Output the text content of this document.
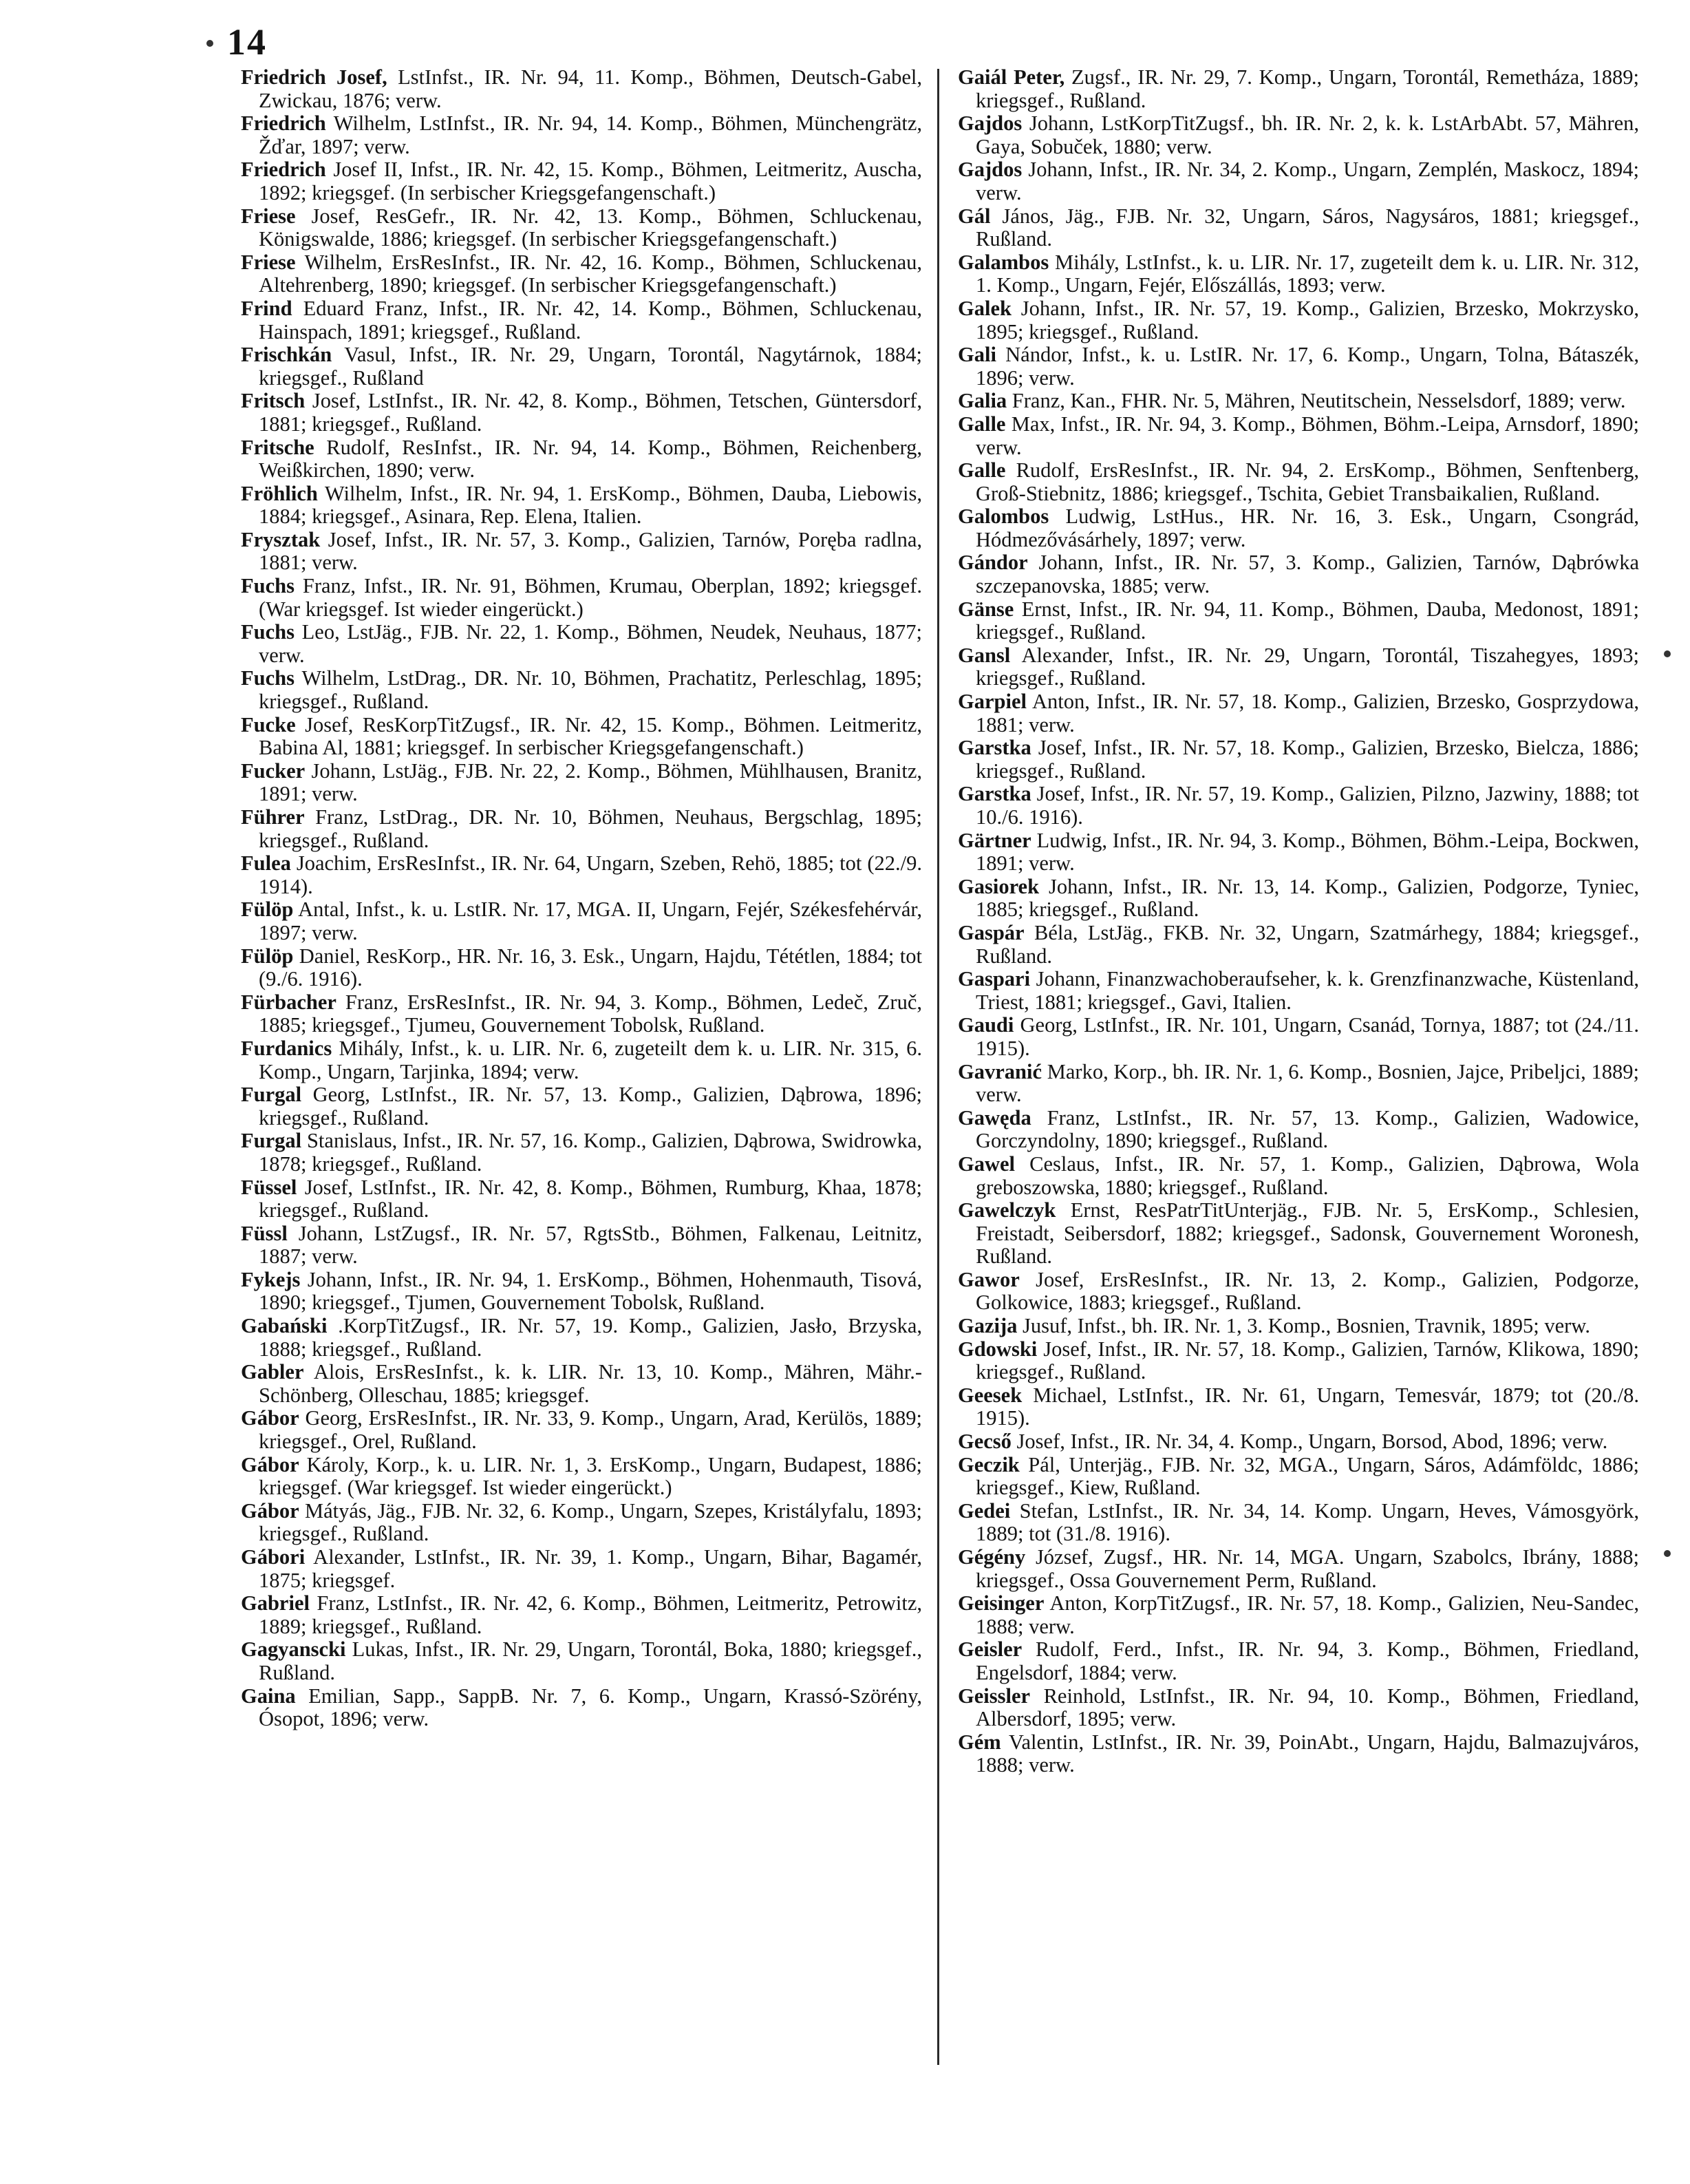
14

Friedrich Josef, LstInfst., IR. Nr. 94, 11. Komp., Böhmen, Deutsch-Gabel, Zwickau, 1876; verw.

Friedrich Wilhelm, LstInfst., IR. Nr. 94, 14. Komp., Böhmen, Münchengrätz, Žďar, 1897; verw.

Friedrich Josef II, Infst., IR. Nr. 42, 15. Komp., Böhmen, Leitmeritz, Auscha, 1892; kriegsgef. (In serbischer Kriegsgefangenschaft.)

Friese Josef, ResGefr., IR. Nr. 42, 13. Komp., Böhmen, Schluckenau, Königswalde, 1886; kriegsgef. (In serbischer Kriegsgefangenschaft.)

Friese Wilhelm, ErsResInfst., IR. Nr. 42, 16. Komp., Böhmen, Schluckenau, Altehrenberg, 1890; kriegsgef. (In serbischer Kriegsgefangenschaft.)

Frind Eduard Franz, Infst., IR. Nr. 42, 14. Komp., Böhmen, Schluckenau, Hainspach, 1891; kriegsgef., Rußland.

Frischkán Vasul, Infst., IR. Nr. 29, Ungarn, Torontál, Nagytárnok, 1884; kriegsgef., Rußland

Fritsch Josef, LstInfst., IR. Nr. 42, 8. Komp., Böhmen, Tetschen, Güntersdorf, 1881; kriegsgef., Rußland.

Fritsche Rudolf, ResInfst., IR. Nr. 94, 14. Komp., Böhmen, Reichenberg, Weißkirchen, 1890; verw.

Fröhlich Wilhelm, Infst., IR. Nr. 94, 1. ErsKomp., Böhmen, Dauba, Liebowis, 1884; kriegsgef., Asinara, Rep. Elena, Italien.

Frysztak Josef, Infst., IR. Nr. 57, 3. Komp., Galizien, Tarnów, Poręba radlna, 1881; verw.

Fuchs Franz, Infst., IR. Nr. 91, Böhmen, Krumau, Oberplan, 1892; kriegsgef. (War kriegsgef. Ist wieder eingerückt.)

Fuchs Leo, LstJäg., FJB. Nr. 22, 1. Komp., Böhmen, Neudek, Neuhaus, 1877; verw.

Fuchs Wilhelm, LstDrag., DR. Nr. 10, Böhmen, Prachatitz, Perleschlag, 1895; kriegsgef., Rußland.

Fucke Josef, ResKorpTitZugsf., IR. Nr. 42, 15. Komp., Böhmen. Leitmeritz, Babina Al, 1881; kriegsgef. In serbischer Kriegsgefangenschaft.)

Fucker Johann, LstJäg., FJB. Nr. 22, 2. Komp., Böhmen, Mühlhausen, Branitz, 1891; verw.

Führer Franz, LstDrag., DR. Nr. 10, Böhmen, Neuhaus, Bergschlag, 1895; kriegsgef., Rußland.

Fulea Joachim, ErsResInfst., IR. Nr. 64, Ungarn, Szeben, Rehö, 1885; tot (22./9. 1914).

Fülöp Antal, Infst., k. u. LstIR. Nr. 17, MGA. II, Ungarn, Fejér, Székesfehérvár, 1897; verw.

Fülöp Daniel, ResKorp., HR. Nr. 16, 3. Esk., Ungarn, Hajdu, Tététlen, 1884; tot (9./6. 1916).

Fürbacher Franz, ErsResInfst., IR. Nr. 94, 3. Komp., Böhmen, Ledeč, Zruč, 1885; kriegsgef., Tjumeu, Gouvernement Tobolsk, Rußland.

Furdanics Mihály, Infst., k. u. LIR. Nr. 6, zugeteilt dem k. u. LIR. Nr. 315, 6. Komp., Ungarn, Tarjinka, 1894; verw.

Furgal Georg, LstInfst., IR. Nr. 57, 13. Komp., Galizien, Dąbrowa, 1896; kriegsgef., Rußland.

Furgal Stanislaus, Infst., IR. Nr. 57, 16. Komp., Galizien, Dąbrowa, Swidrowka, 1878; kriegsgef., Rußland.

Füssel Josef, LstInfst., IR. Nr. 42, 8. Komp., Böhmen, Rumburg, Khaa, 1878; kriegsgef., Rußland.

Füssl Johann, LstZugsf., IR. Nr. 57, RgtsStb., Böhmen, Falkenau, Leitnitz, 1887; verw.

Fykejs Johann, Infst., IR. Nr. 94, 1. ErsKomp., Böhmen, Hohenmauth, Tisová, 1890; kriegsgef., Tjumen, Gouvernement Tobolsk, Rußland.

Gabański .KorpTitZugsf., IR. Nr. 57, 19. Komp., Galizien, Jasło, Brzyska, 1888; kriegsgef., Rußland.

Gabler Alois, ErsResInfst., k. k. LIR. Nr. 13, 10. Komp., Mähren, Mähr.-Schönberg, Olleschau, 1885; kriegsgef.

Gábor Georg, ErsResInfst., IR. Nr. 33, 9. Komp., Ungarn, Arad, Kerülös, 1889; kriegsgef., Orel, Rußland.

Gábor Károly, Korp., k. u. LIR. Nr. 1, 3. ErsKomp., Ungarn, Budapest, 1886; kriegsgef. (War kriegsgef. Ist wieder eingerückt.)

Gábor Mátyás, Jäg., FJB. Nr. 32, 6. Komp., Ungarn, Szepes, Kristályfalu, 1893; kriegsgef., Rußland.

Gábori Alexander, LstInfst., IR. Nr. 39, 1. Komp., Ungarn, Bihar, Bagamér, 1875; kriegsgef.

Gabriel Franz, LstInfst., IR. Nr. 42, 6. Komp., Böhmen, Leitmeritz, Petrowitz, 1889; kriegsgef., Rußland.

Gagyanscki Lukas, Infst., IR. Nr. 29, Ungarn, Torontál, Boka, 1880; kriegsgef., Rußland.

Gaina Emilian, Sapp., SappB. Nr. 7, 6. Komp., Ungarn, Krassó-Szörény, Ósopot, 1896; verw.

Gaiál Peter, Zugsf., IR. Nr. 29, 7. Komp., Ungarn, Torontál, Remetháza, 1889; kriegsgef., Rußland.

Gajdos Johann, LstKorpTitZugsf., bh. IR. Nr. 2, k. k. LstArbAbt. 57, Mähren, Gaya, Sobuček, 1880; verw.

Gajdos Johann, Infst., IR. Nr. 34, 2. Komp., Ungarn, Zemplén, Maskocz, 1894; verw.

Gál János, Jäg., FJB. Nr. 32, Ungarn, Sáros, Nagysáros, 1881; kriegsgef., Rußland.

Galambos Mihály, LstInfst., k. u. LIR. Nr. 17, zugeteilt dem k. u. LIR. Nr. 312, 1. Komp., Ungarn, Fejér, Előszállás, 1893; verw.

Galek Johann, Infst., IR. Nr. 57, 19. Komp., Galizien, Brzesko, Mokrzysko, 1895; kriegsgef., Rußland.

Gali Nándor, Infst., k. u. LstIR. Nr. 17, 6. Komp., Ungarn, Tolna, Bátaszék, 1896; verw.

Galia Franz, Kan., FHR. Nr. 5, Mähren, Neutitschein, Nesselsdorf, 1889; verw.

Galle Max, Infst., IR. Nr. 94, 3. Komp., Böhmen, Böhm.-Leipa, Arnsdorf, 1890; verw.

Galle Rudolf, ErsResInfst., IR. Nr. 94, 2. ErsKomp., Böhmen, Senftenberg, Groß-Stiebnitz, 1886; kriegsgef., Tschita, Gebiet Transbaikalien, Rußland.

Galombos Ludwig, LstHus., HR. Nr. 16, 3. Esk., Ungarn, Csongrád, Hódmezővásárhely, 1897; verw.

Gándor Johann, Infst., IR. Nr. 57, 3. Komp., Galizien, Tarnów, Dąbrówka szczepanovska, 1885; verw.

Gänse Ernst, Infst., IR. Nr. 94, 11. Komp., Böhmen, Dauba, Medonost, 1891; kriegsgef., Rußland.

Gansl Alexander, Infst., IR. Nr. 29, Ungarn, Torontál, Tiszahegyes, 1893; kriegsgef., Rußland.

Garpiel Anton, Infst., IR. Nr. 57, 18. Komp., Galizien, Brzesko, Gosprzydowa, 1881; verw.

Garstka Josef, Infst., IR. Nr. 57, 18. Komp., Galizien, Brzesko, Bielcza, 1886; kriegsgef., Rußland.

Garstka Josef, Infst., IR. Nr. 57, 19. Komp., Galizien, Pilzno, Jazwiny, 1888; tot 10./6. 1916).

Gärtner Ludwig, Infst., IR. Nr. 94, 3. Komp., Böhmen, Böhm.-Leipa, Bockwen, 1891; verw.

Gasiorek Johann, Infst., IR. Nr. 13, 14. Komp., Galizien, Podgorze, Tyniec, 1885; kriegsgef., Rußland.

Gaspár Béla, LstJäg., FKB. Nr. 32, Ungarn, Szatmárhegy, 1884; kriegsgef., Rußland.

Gaspari Johann, Finanzwachoberaufseher, k. k. Grenzfinanzwache, Küstenland, Triest, 1881; kriegsgef., Gavi, Italien.

Gaudi Georg, LstInfst., IR. Nr. 101, Ungarn, Csanád, Tornya, 1887; tot (24./11. 1915).

Gavranić Marko, Korp., bh. IR. Nr. 1, 6. Komp., Bosnien, Jajce, Pribeljci, 1889; verw.

Gawęda Franz, LstInfst., IR. Nr. 57, 13. Komp., Galizien, Wadowice, Gorczyndolny, 1890; kriegsgef., Rußland.

Gawel Ceslaus, Infst., IR. Nr. 57, 1. Komp., Galizien, Dąbrowa, Wola greboszowska, 1880; kriegsgef., Rußland.

Gawelczyk Ernst, ResPatrTitUnterjäg., FJB. Nr. 5, ErsKomp., Schlesien, Freistadt, Seibersdorf, 1882; kriegsgef., Sadonsk, Gouvernement Woronesh, Rußland.

Gawor Josef, ErsResInfst., IR. Nr. 13, 2. Komp., Galizien, Podgorze, Golkowice, 1883; kriegsgef., Rußland.

Gazija Jusuf, Infst., bh. IR. Nr. 1, 3. Komp., Bosnien, Travnik, 1895; verw.

Gdowski Josef, Infst., IR. Nr. 57, 18. Komp., Galizien, Tarnów, Klikowa, 1890; kriegsgef., Rußland.

Geesek Michael, LstInfst., IR. Nr. 61, Ungarn, Temesvár, 1879; tot (20./8. 1915).

Gecső Josef, Infst., IR. Nr. 34, 4. Komp., Ungarn, Borsod, Abod, 1896; verw.

Geczik Pál, Unterjäg., FJB. Nr. 32, MGA., Ungarn, Sáros, Adámföldc, 1886; kriegsgef., Kiew, Rußland.

Gedei Stefan, LstInfst., IR. Nr. 34, 14. Komp. Ungarn, Heves, Vámosgyörk, 1889; tot (31./8. 1916).

Gégény József, Zugsf., HR. Nr. 14, MGA. Ungarn, Szabolcs, Ibrány, 1888; kriegsgef., Ossa Gouvernement Perm, Rußland.

Geisinger Anton, KorpTitZugsf., IR. Nr. 57, 18. Komp., Galizien, Neu-Sandec, 1888; verw.

Geisler Rudolf, Ferd., Infst., IR. Nr. 94, 3. Komp., Böhmen, Friedland, Engelsdorf, 1884; verw.

Geissler Reinhold, LstInfst., IR. Nr. 94, 10. Komp., Böhmen, Friedland, Albersdorf, 1895; verw.

Gém Valentin, LstInfst., IR. Nr. 39, PoinAbt., Ungarn, Hajdu, Balmazujváros, 1888; verw.
